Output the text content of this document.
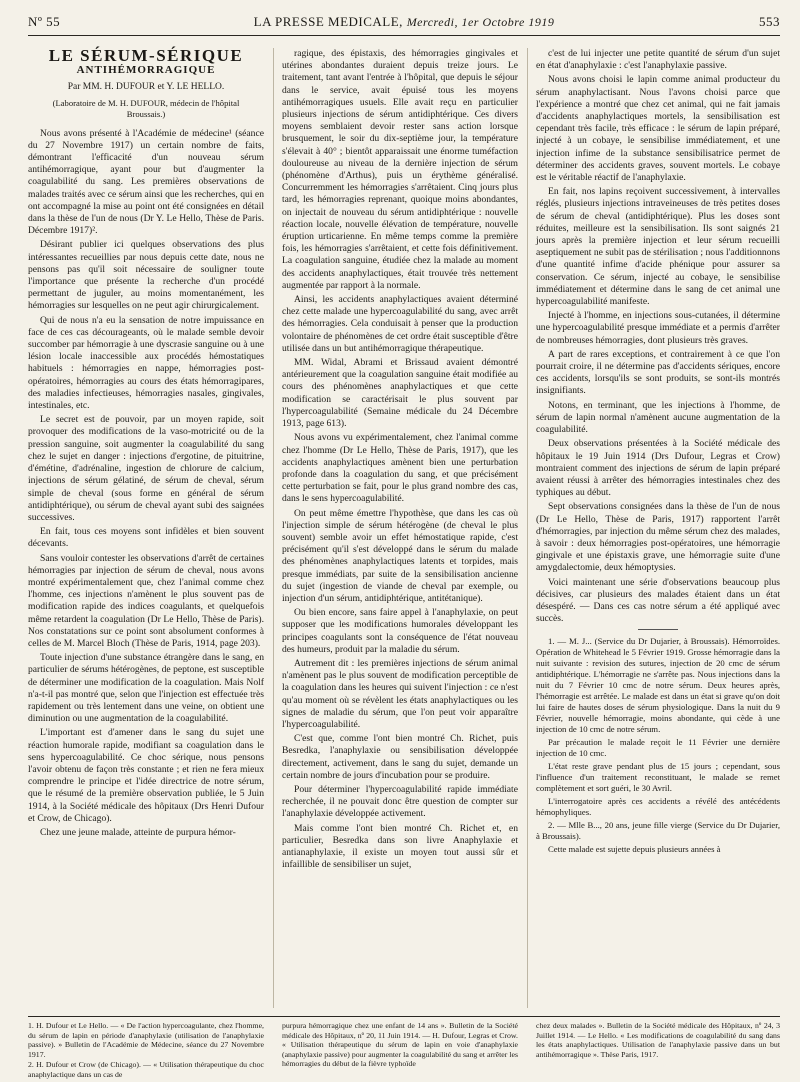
Nº 55	LA PRESSE MEDICALE, Mercredi, 1er Octobre 1919	553
LE SÉRUM-SÉRIQUE
ANTIHÉMORRAGIQUE
Par MM. H. DUFOUR et Y. LE HELLO.
(Laboratoire de M. H. DUFOUR, médecin de l'hôpital Broussais.)

Nous avons présenté à l'Académie de médecine¹ (séance du 27 Novembre 1917) un certain nombre de faits, démontrant l'efficacité d'un nouveau sérum antihémorragique, ayant pour but d'augmenter la coagulabilité du sang. Les premières observations de malades traités avec ce sérum ainsi que les recherches, qui en ont accompagné la mise au point ont été consignées en détail dans la thèse de l'un de nous (Dr Y. Le Hello, Thèse de Paris. Décembre 1917)².

Désirant publier ici quelques observations des plus intéressantes recueillies par nous depuis cette date, nous ne pensons pas qu'il soit nécessaire de souligner toute l'importance que présente la recherche d'un procédé permettant de juguler, au moins momentanément, les hémorragies sur lesquelles on ne peut agir chirurgicalement.

Qui de nous n'a eu la sensation de notre impuissance en face de ces cas décourageants, où le malade semble devoir succomber par hémorragie à une dyscrasie sanguine ou à une lésion locale inaccessible aux procédés hémostatiques habituels : hémorragies en nappe, hémorragies post-opératoires, hémorragies au cours des états hémorragipares, des maladies infectieuses, hémorragies nasales, gingivales, intestinales, etc.

Le secret est de pouvoir, par un moyen rapide, soit provoquer des modifications de la vaso-motricité ou de la pression sanguine, soit augmenter la coagulabilité du sang chez le sujet en danger : injections d'ergotine, de pituitrine, d'émétine, d'adrénaline, ingestion de chlorure de calcium, injections de sérum gélatiné, de sérum de cheval, sérum simple de cheval (sous forme en général de sérum antidiphtérique), ou sérum de cheval ayant subi des saignées successives.

En fait, tous ces moyens sont infidèles et bien souvent décevants.

Sans vouloir contester les observations d'arrêt de certaines hémorragies par injection de sérum de cheval, nous avons montré expérimentalement que, chez l'animal comme chez l'homme, ces injections n'amènent le plus souvent pas de modification rapide des indices coagulants, et quelquefois même retardent la coagulation (Dr Le Hello, Thèse de Paris). Nos constatations sur ce point sont absolument conformes à celles de M. Marcel Bloch (Thèse de Paris, 1914, page 203).

Toute injection d'une substance étrangère dans le sang, en particulier de sérums hétérogènes, de peptone, est susceptible de déterminer une modification de la coagulation. Mais Nolf n'a-t-il pas montré que, selon que l'injection est effectuée très rapidement ou très lentement dans une veine, on obtient une diminution ou une augmentation de la coagulabilité.

L'important est d'amener dans le sang du sujet une réaction humorale rapide, modifiant sa coagulation dans le sens hypercoagulabilité. Ce choc sérique, nous pensons l'avoir obtenu de façon très constante ; et rien ne fera mieux comprendre le principe et l'idée directrice de notre sérum, que le résumé de la première observation publiée, le 5 Juin 1914, à la Société médicale des hôpitaux (Drs Henri Dufour et Crow, de Chicago).

Chez une jeune malade, atteinte de purpura hémor-

ragique, des épistaxis, des hémorragies gingivales et utérines abondantes duraient depuis treize jours. Le traitement, tant avant l'entrée à l'hôpital, que depuis le séjour dans le service, avait épuisé tous les moyens antihémorragiques usuels. Elle avait reçu en particulier plusieurs injections de sérum antidiphtérique. Ces divers moyens semblaient devoir rester sans action lorsque brusquement, le soir du dix-septième jour, la température s'élevait à 40° ; bientôt apparaissait une énorme tuméfaction douloureuse au niveau de la dernière injection de sérum (phénomène d'Arthus), puis un érythème généralisé. Concurremment les hémorragies s'arrêtaient. Cinq jours plus tard, les hémorragies reprenant, quoique moins abondantes, on injectait de nouveau du sérum antidiphtérique : nouvelle réaction locale, nouvelle élévation de température, nouvelle éruption urticarienne. En même temps comme la première fois, les hémorragies s'arrêtaient, et cette fois définitivement. La coagulation sanguine, étudiée chez la malade au moment des accidents anaphylactiques, était trouvée très nettement augmentée par rapport à la normale.

Ainsi, les accidents anaphylactiques avaient déterminé chez cette malade une hypercoagulabilité du sang, avec arrêt des hémorragies. Cela conduisait à penser que la production volontaire de phénomènes de cet ordre était susceptible d'être utilisée dans un but antihémorragique thérapeutique.

MM. Widal, Abrami et Brissaud avaient démontré antérieurement que la coagulation sanguine était modifiée au cours des phénomènes anaphylactiques et que cette modification se caractérisait le plus souvent par l'hypercoagulabilité (Semaine médicale du 24 Décembre 1913, page 613).

Nous avons vu expérimentalement, chez l'animal comme chez l'homme (Dr Le Hello, Thèse de Paris, 1917), que les accidents anaphylactiques amènent bien une perturbation profonde dans la coagulation du sang, et que précisément cette perturbation se fait, pour le plus grand nombre des cas, dans le sens hypercoagulabilité.

On peut même émettre l'hypothèse, que dans les cas où l'injection simple de sérum hétérogène (de cheval le plus souvent) semble avoir un effet hémostatique rapide, c'est précisément qu'il s'est développé dans le sérum du malade des phénomènes anaphylactiques latents et torpides, mais presque immédiats, par suite de la sensibilisation ancienne du sujet (ingestion de viande de cheval par exemple, ou injection d'un sérum, antidiphtérique, antitétanique).

Ou bien encore, sans faire appel à l'anaphylaxie, on peut supposer que les modifications humorales développant les principes coagulants sont la conséquence de l'état nouveau des humeurs, produit par la maladie du sérum.

Autrement dit : les premières injections de sérum animal n'amènent pas le plus souvent de modification perceptible de la coagulation dans les heures qui suivent l'injection : ce n'est qu'au moment où se révèlent les états anaphylactiques ou les signes de maladie du sérum, que l'on peut voir apparaître l'hypercoagulabilité.

C'est que, comme l'ont bien montré Ch. Richet, puis Besredka, l'anaphylaxie ou sensibilisation développée directement, activement, dans le sang du sujet, demande un certain nombre de jours d'incubation pour se produire.

Pour déterminer l'hypercoagulabilité rapide immédiate recherchée, il ne pouvait donc être question de compter sur l'anaphylaxie développée activement.

Mais comme l'ont bien montré Ch. Richet et, en particulier, Besredka dans son livre Anaphylaxie et antianaphylaxie, il existe un moyen tout aussi sûr et infaillible de sensibiliser un sujet,

c'est de lui injecter une petite quantité de sérum d'un sujet en état d'anaphylaxie : c'est l'anaphylaxie passive.

Nous avons choisi le lapin comme animal producteur du sérum anaphylactisant. Nous l'avons choisi parce que l'expérience a montré que chez cet animal, qui ne fait jamais d'accidents anaphylactiques mortels, la sensibilisation est cependant très facile, très efficace : le sérum de lapin préparé, injecté à un cobaye, le sensibilise immédiatement, et une injection infime de la substance sensibilisatrice permet de déterminer des accidents graves, souvent mortels. Le cobaye est le véritable réactif de l'anaphylaxie.

En fait, nos lapins reçoivent successivement, à intervalles réglés, plusieurs injections intraveineuses de très petites doses de sérum de cheval (antidiphtérique). Plus les doses sont réduites, meilleure est la sensibilisation. Ils sont saignés 21 jours après la première injection et leur sérum recueilli aseptiquement ne subit pas de stérilisation ; nous l'additionnons d'une quantité infime d'acide phénique pour assurer sa conservation. Ce sérum, injecté au cobaye, le sensibilise immédiatement et détermine dans le sang de cet animal une hypercoagulabilité manifeste.

Injecté à l'homme, en injections sous-cutanées, il détermine une hypercoagulabilité presque immédiate et a permis d'arrêter de nombreuses hémorragies, dont plusieurs très graves.

A part de rares exceptions, et contrairement à ce que l'on pourrait croire, il ne détermine pas d'accidents sériques, encore ces accidents, lorsqu'ils se sont produits, se sont-ils montrés insignifiants.

Notons, en terminant, que les injections à l'homme, de sérum de lapin normal n'amènent aucune augmentation de la coagulabilité.

Deux observations présentées à la Société médicale des hôpitaux le 19 Juin 1914 (Drs Dufour, Legras et Crow) montraient comment des injections de sérum de lapin préparé avaient réussi à arrêter des hémorragies intestinales chez des typhiques au début.

Sept observations consignées dans la thèse de l'un de nous (Dr Le Hello, Thèse de Paris, 1917) rapportent l'arrêt d'hémorragies, par injection du même sérum chez des malades, à savoir : deux hémorragies post-opératoires, une hémorragie gingivale et une épistaxis grave, une hémorragie suite d'une amygdalectomie, deux hémoptysies.

Voici maintenant une série d'observations beaucoup plus décisives, car plusieurs des malades étaient dans un état désespéré. — Dans ces cas notre sérum a été appliqué avec succès.

1. — M. J... (Service du Dr Dujarier, à Broussais). Hémorroïdes. Opération de Whitehead le 5 Février 1919. Grosse hémorragie dans la nuit suivante : revision des sutures, injection de 20 cmc de sérum antidiphtérique. L'hémorragie ne s'arrête pas. Nous injections dans la nuit du 7 Février 10 cmc de notre sérum. Deux heures après, l'hémorragie est arrêtée. Le malade est dans un état si grave qu'on doit lui faire de hautes doses de sérum physiologique. Dans la nuit du 9 Février, nouvelle hémorragie, moins abondante, qui cède à une injection de 10 cmc de notre sérum.

Par précaution le malade reçoit le 11 Février une dernière injection de 10 cmc.

L'état reste grave pendant plus de 15 jours ; cependant, sous l'influence d'un traitement reconstituant, le malade se remet complètement et sort guéri, le 30 Avril.

L'interrogatoire après ces accidents a révélé des antécédents hémophyliques.

2. — Mlle B..., 20 ans, jeune fille vierge (Service du Dr Dujarier, à Broussais).

Cette malade est sujette depuis plusieurs années à

1. H. Dufour et Le Hello. — « De l'action hypercoagulante, chez l'homme, du sérum de lapin en période d'anaphylaxie (utilisation de l'anaphylaxie passive). » Bulletin de l'Académie de Médecine, séance du 27 Novembre 1917.

2. H. Dufour et Crow (de Chicago). — « Utilisation thérapeutique du choc anaphylactique dans un cas de

purpura hémorragique chez une enfant de 14 ans ». Bulletin de la Société médicale des Hôpitaux, nº 20, 11 Juin 1914. — H. Dufour, Legras et Crow. « Utilisation thérapeutique du sérum de lapin en voie d'anaphylaxie (anaphylaxie passive) pour augmenter la coagulabilité du sang et arrêter les hémorragies du début de la fièvre typhoïde

chez deux malades ». Bulletin de la Société médicale des Hôpitaux, nº 24, 3 Juillet 1914. — Le Hello. « Les modifications de coagulabilité du sang dans les états anaphylactiques. Utilisation de l'anaphylaxie passive dans un but antihémorragique ». Thèse Paris, 1917.
